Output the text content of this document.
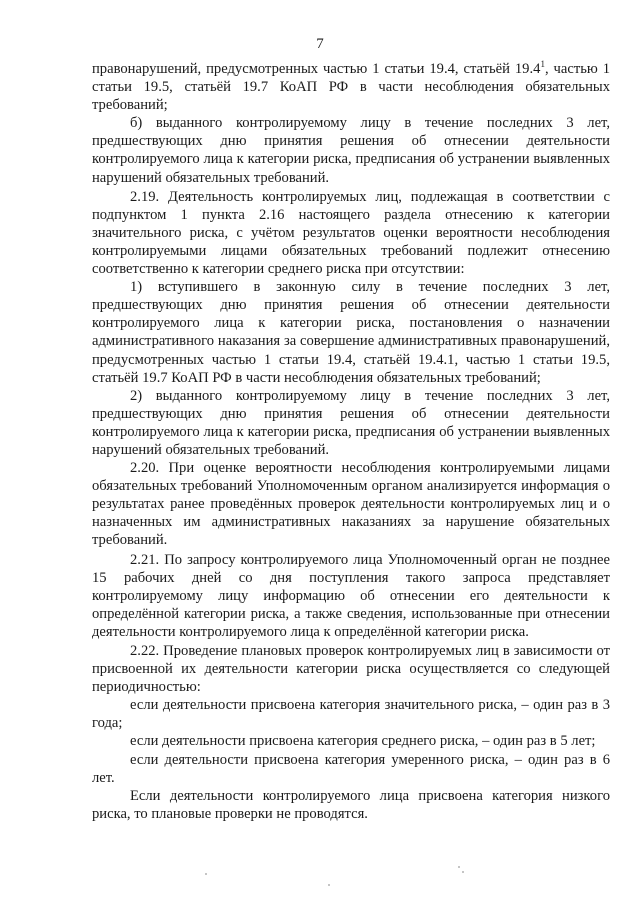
7

правонарушений, предусмотренных частью 1 статьи 19.4, статьёй 19.4$^1$, частью 1 статьи 19.5, статьёй 19.7 КоАП РФ в части несоблюдения обязательных требований;

б) выданного контролируемому лицу в течение последних 3 лет, предшествующих дню принятия решения об отнесении деятельности контролируемого лица к категории риска, предписания об устранении выявленных нарушений обязательных требований.

2.19. Деятельность контролируемых лиц, подлежащая в соответствии с подпунктом 1 пункта 2.16 настоящего раздела отнесению к категории значительного риска, с учётом результатов оценки вероятности несоблюдения контролируемыми лицами обязательных требований подлежит отнесению соответственно к категории среднего риска при отсутствии:

1) вступившего в законную силу в течение последних 3 лет, предшествующих дню принятия решения об отнесении деятельности контролируемого лица к категории риска, постановления о назначении административного наказания за совершение административных правонарушений, предусмотренных частью 1 статьи 19.4, статьёй 19.4.1, частью 1 статьи 19.5, статьёй 19.7 КоАП РФ в части несоблюдения обязательных требований;

2) выданного контролируемому лицу в течение последних 3 лет, предшествующих дню принятия решения об отнесении деятельности контролируемого лица к категории риска, предписания об устранении выявленных нарушений обязательных требований.

2.20. При оценке вероятности несоблюдения контролируемыми лицами обязательных требований Уполномоченным органом анализируется информация о результатах ранее проведённых проверок деятельности контролируемых лиц и о назначенных им административных наказаниях за нарушение обязательных требований.

2.21. По запросу контролируемого лица Уполномоченный орган не позднее 15 рабочих дней со дня поступления такого запроса представляет контролируемому лицу информацию об отнесении его деятельности к определённой категории риска, а также сведения, использованные при отнесении деятельности контролируемого лица к определённой категории риска.

2.22. Проведение плановых проверок контролируемых лиц в зависимости от присвоенной их деятельности категории риска осуществляется со следующей периодичностью:

если деятельности присвоена категория значительного риска, – один раз в 3 года;

если деятельности присвоена категория среднего риска, – один раз в 5 лет;

если деятельности присвоена категория умеренного риска, – один раз в 6 лет.

Если деятельности контролируемого лица присвоена категория низкого риска, то плановые проверки не проводятся.
